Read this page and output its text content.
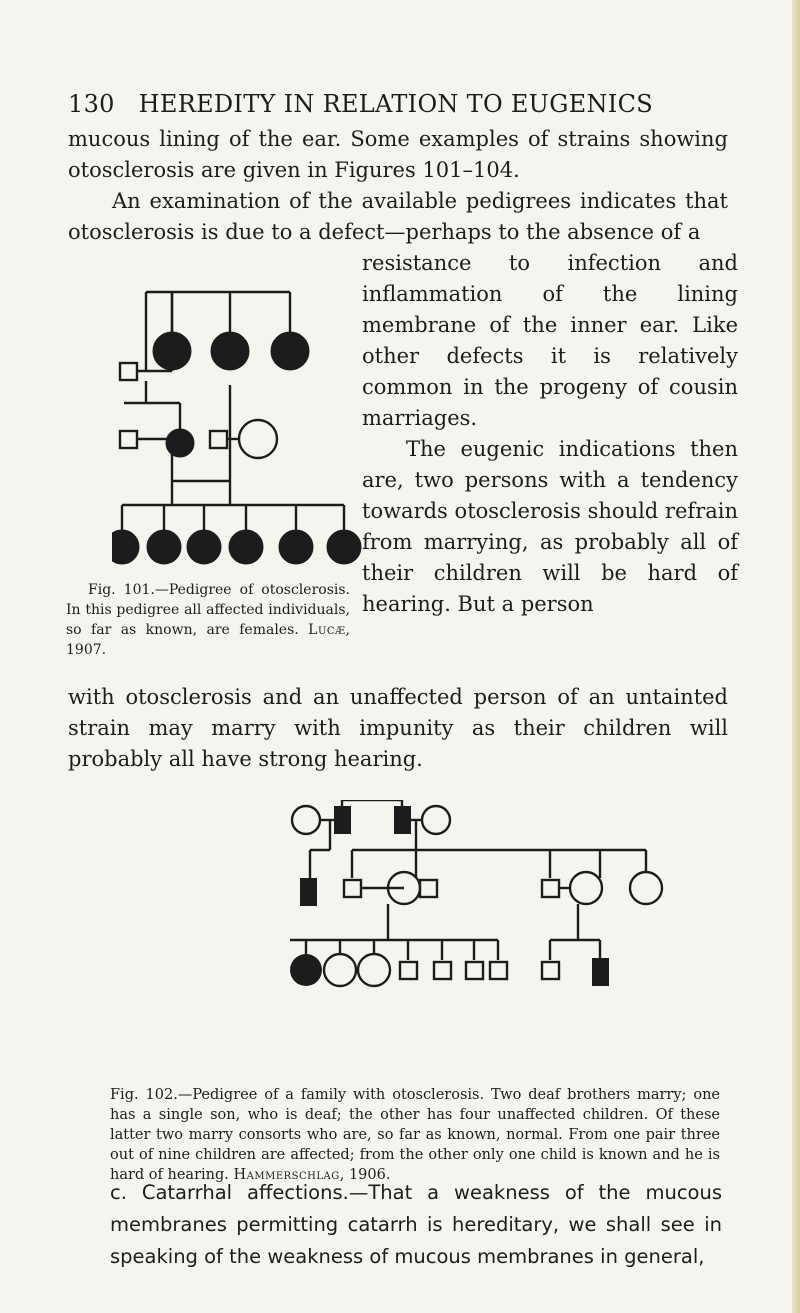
130 HEREDITY IN RELATION TO EUGENICS
mucous lining of the ear. Some examples of strains showing otosclerosis are given in Figures 101–104.
An examination of the available pedigrees indicates that otosclerosis is due to a defect—perhaps to the absence of a
resistance to infection and inflammation of the lining membrane of the inner ear. Like other defects it is relatively common in the progeny of cousin marriages.
The eugenic indications then are, two persons with a tendency towards otosclerosis should refrain from marrying, as probably all of their children will be hard of hearing. But a person
Fig. 101.—Pedigree of otosclerosis. In this pedigree all affected individuals, so far as known, are females. Lucæ, 1907.
with otosclerosis and an unaffected person of an untainted strain may marry with impunity as their children will probably all have strong hearing.
Fig. 102.—Pedigree of a family with otosclerosis. Two deaf brothers marry; one has a single son, who is deaf; the other has four unaffected children. Of these latter two marry consorts who are, so far as known, normal. From one pair three out of nine children are affected; from the other only one child is known and he is hard of hearing. Hammerschlag, 1906.
c. Catarrhal affections.—That a weakness of the mucous membranes permitting catarrh is hereditary, we shall see in speaking of the weakness of mucous membranes in general,
